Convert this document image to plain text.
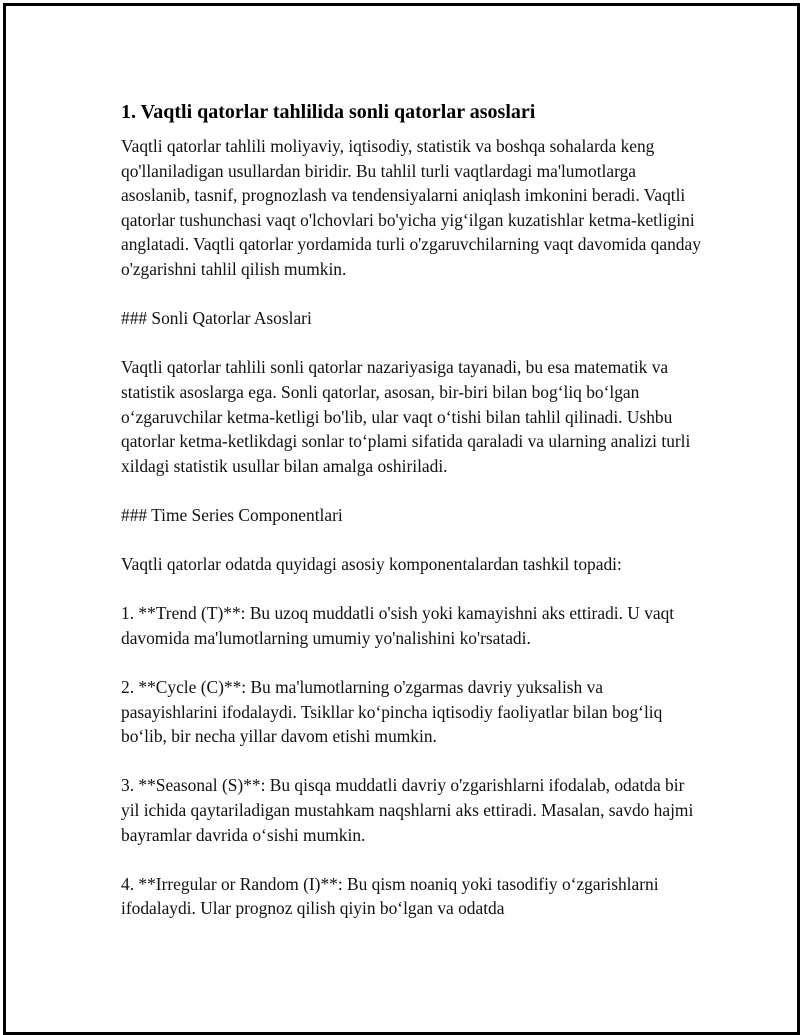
1. Vaqtli qatorlar tahlilida sonli qatorlar asoslari

Vaqtli qatorlar tahlili moliyaviy, iqtisodiy, statistik va boshqa sohalarda keng qo'llaniladigan usullardan biridir. Bu tahlil turli vaqtlardagi ma'lumotlarga asoslanib, tasnif, prognozlash va tendensiyalarni aniqlash imkonini beradi. Vaqtli qatorlar tushunchasi vaqt o'lchovlari bo'yicha yig‘ilgan kuzatishlar ketma-ketligini anglatadi. Vaqtli qatorlar yordamida turli o'zgaruvchilarning vaqt davomida qanday o'zgarishni tahlil qilish mumkin.

### Sonli Qatorlar Asoslari

Vaqtli qatorlar tahlili sonli qatorlar nazariyasiga tayanadi, bu esa matematik va statistik asoslarga ega. Sonli qatorlar, asosan, bir-biri bilan bog‘liq bo‘lgan o‘zgaruvchilar ketma-ketligi bo'lib, ular vaqt o‘tishi bilan tahlil qilinadi. Ushbu qatorlar ketma-ketlikdagi sonlar to‘plami sifatida qaraladi va ularning analizi turli xildagi statistik usullar bilan amalga oshiriladi.

### Time Series Componentlari

Vaqtli qatorlar odatda quyidagi asosiy komponentalardan tashkil topadi:

1. **Trend (T)**: Bu uzoq muddatli o'sish yoki kamayishni aks ettiradi. U vaqt davomida ma'lumotlarning umumiy yo'nalishini ko'rsatadi.

2. **Cycle (C)**: Bu ma'lumotlarning o'zgarmas davriy yuksalish va pasayishlarini ifodalaydi. Tsikllar ko‘pincha iqtisodiy faoliyatlar bilan bog‘liq bo‘lib, bir necha yillar davom etishi mumkin.

3. **Seasonal (S)**: Bu qisqa muddatli davriy o'zgarishlarni ifodalab, odatda bir yil ichida qaytariladigan mustahkam naqshlarni aks ettiradi. Masalan, savdo hajmi bayramlar davrida o‘sishi mumkin.

4. **Irregular or Random (I)**: Bu qism noaniq yoki tasodifiy o‘zgarishlarni ifodalaydi. Ular prognoz qilish qiyin bo‘lgan va odatda
